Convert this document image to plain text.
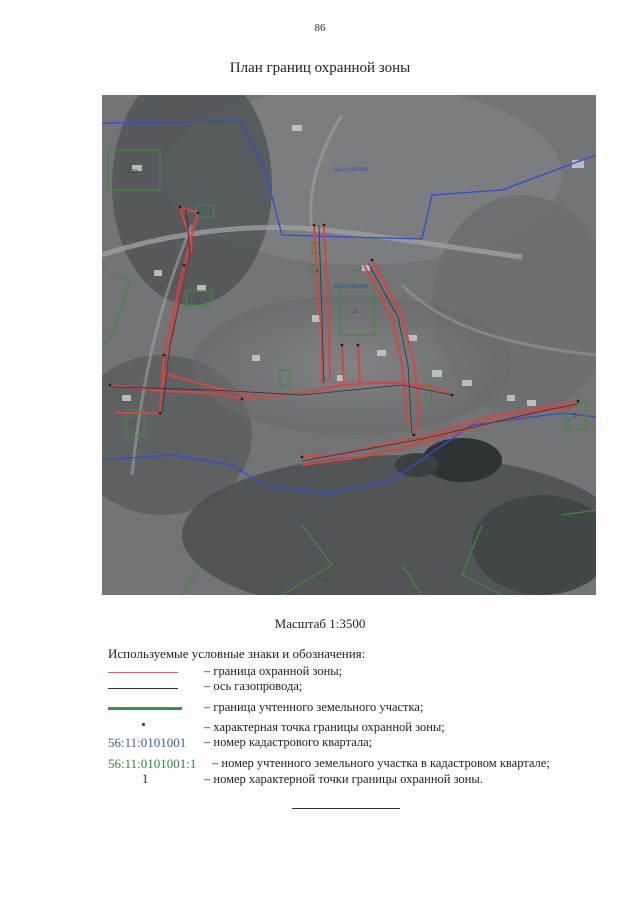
86
План границ охранной зоны
56:11:0101001
56:11:0101001
:190
:1
:2
:3
:5
:4
:77
Масштаб 1:3500
Используемые условные знаки и обозначения:
– граница охранной зоны;
– ось газопровода;
– граница учтенного земельного участка;
– характерная точка границы охранной зоны;
56:11:0101001 – номер кадастрового квартала;
56:11:0101001:1 – номер учтенного земельного участка в кадастровом квартале;
1	– номер характерной точки границы охранной зоны.
